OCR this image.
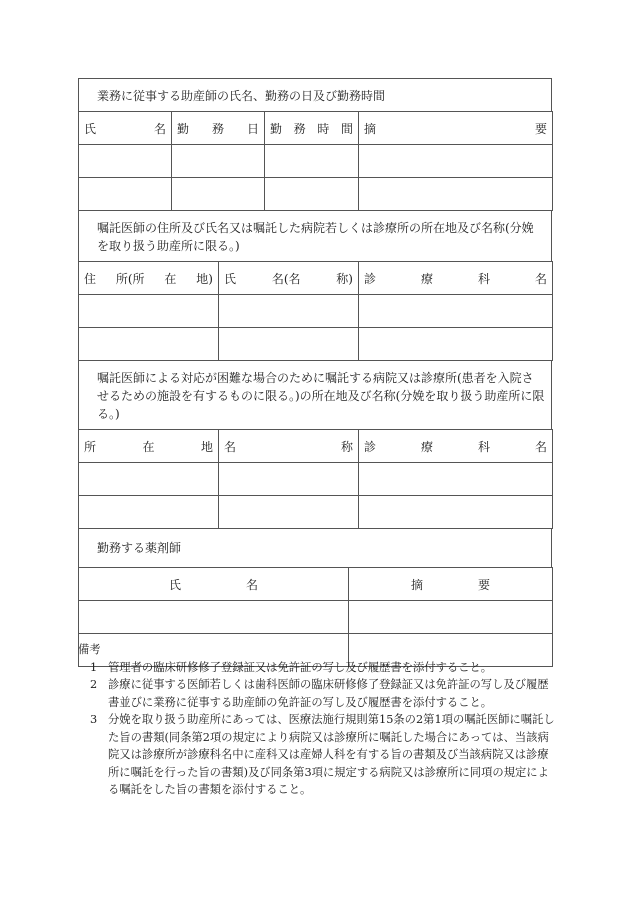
業務に従事する助産師の氏名、勤務の日及び勤務時間
氏 名	勤 務 日	勤 務 時 間	摘 要

嘱託医師の住所及び氏名又は嘱託した病院若しくは診療所の所在地及び名称(分娩を取り扱う助産所に限る。)
住 所(所 在 地)	氏 名(名 称)	診 療 科 名

嘱託医師による対応が困難な場合のために嘱託する病院又は診療所(患者を入院させるための施設を有するものに限る。)の所在地及び名称(分娩を取り扱う助産所に限る。)
所 在 地	名 称	診 療 科 名

勤務する薬剤師
氏 名	摘 要

備考
1 管理者の臨床研修修了登録証又は免許証の写し及び履歴書を添付すること。
2 診療に従事する医師若しくは歯科医師の臨床研修修了登録証又は免許証の写し及び履歴書並びに業務に従事する助産師の免許証の写し及び履歴書を添付すること。
3 分娩を取り扱う助産所にあっては、医療法施行規則第15条の2第1項の嘱託医師に嘱託した旨の書類(同条第2項の規定により病院又は診療所に嘱託した場合にあっては、当該病院又は診療所が診療科名中に産科又は産婦人科を有する旨の書類及び当該病院又は診療所に嘱託を行った旨の書類)及び同条第3項に規定する病院又は診療所に同項の規定による嘱託をした旨の書類を添付すること。
